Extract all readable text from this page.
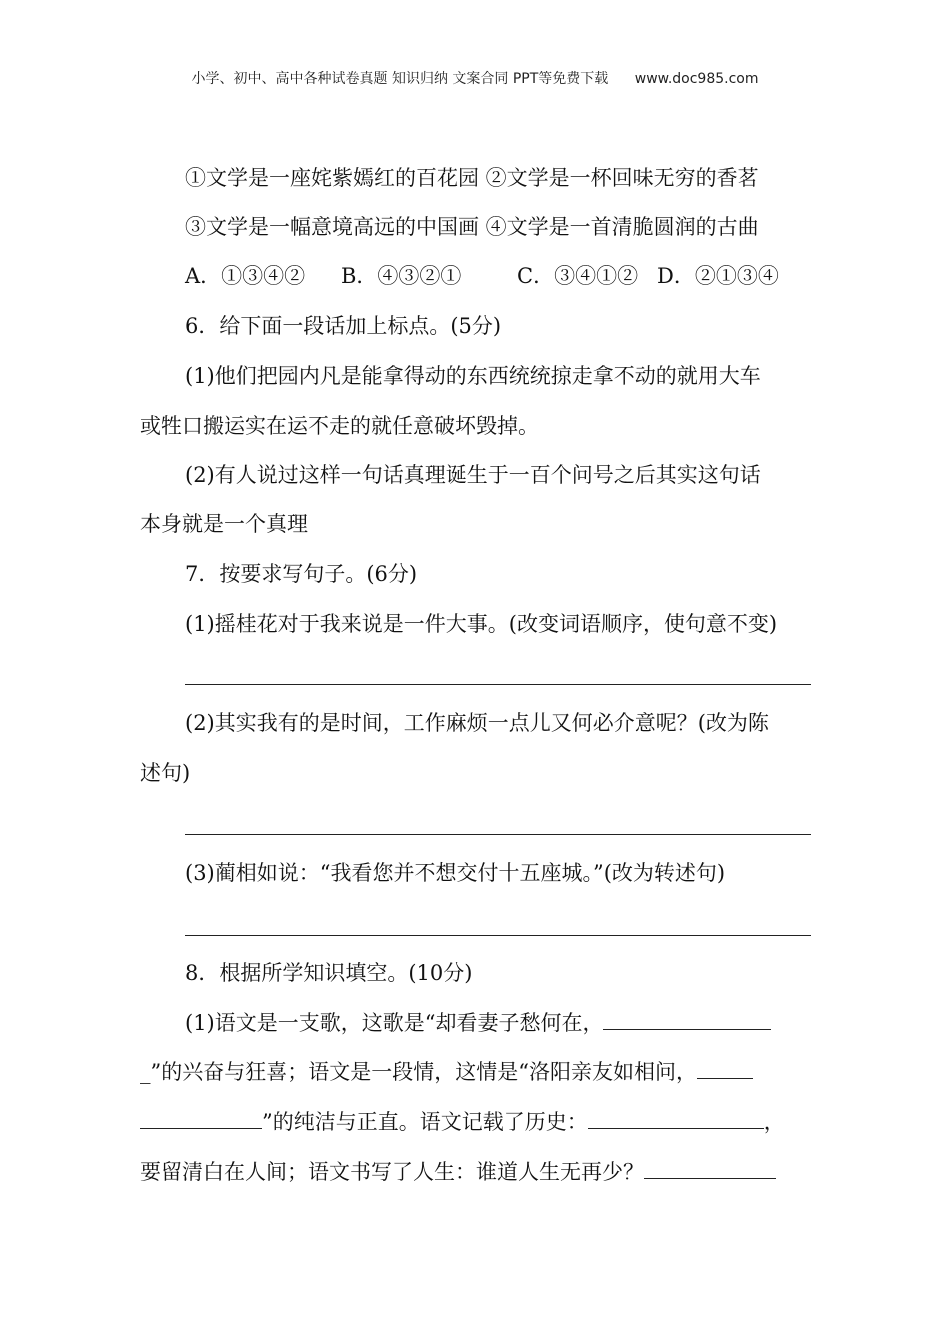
小学、初中、高中各种试卷真题 知识归纳 文案合同 PPT等免费下载 www.doc985.com
①文学是一座姹紫嫣红的百花园 ②文学是一杯回味无穷的香茗
③文学是一幅意境高远的中国画 ④文学是一首清脆圆润的古曲
A．①③④② B．④③②①	C．③④①② D．②①③④
6．给下面一段话加上标点。(5分)
(1)他们把园内凡是能拿得动的东西统统掠走拿不动的就用大车
或牲口搬运实在运不走的就任意破坏毁掉。
(2)有人说过这样一句话真理诞生于一百个问号之后其实这句话
本身就是一个真理
7．按要求写句子。(6分)
(1)摇桂花对于我来说是一件大事。(改变词语顺序，使句意不变)
(2)其实我有的是时间，工作麻烦一点儿又何必介意呢？(改为陈
述句)
(3)蔺相如说：“我看您并不想交付十五座城。”(改为转述句)
8．根据所学知识填空。(10分)
(1)语文是一支歌，这歌是“却看妻子愁何在，
_”的兴奋与狂喜；语文是一段情，这情是“洛阳亲友如相问，
”的纯洁与正直。语文记载了历史：	，
要留清白在人间；语文书写了人生：谁道人生无再少？
